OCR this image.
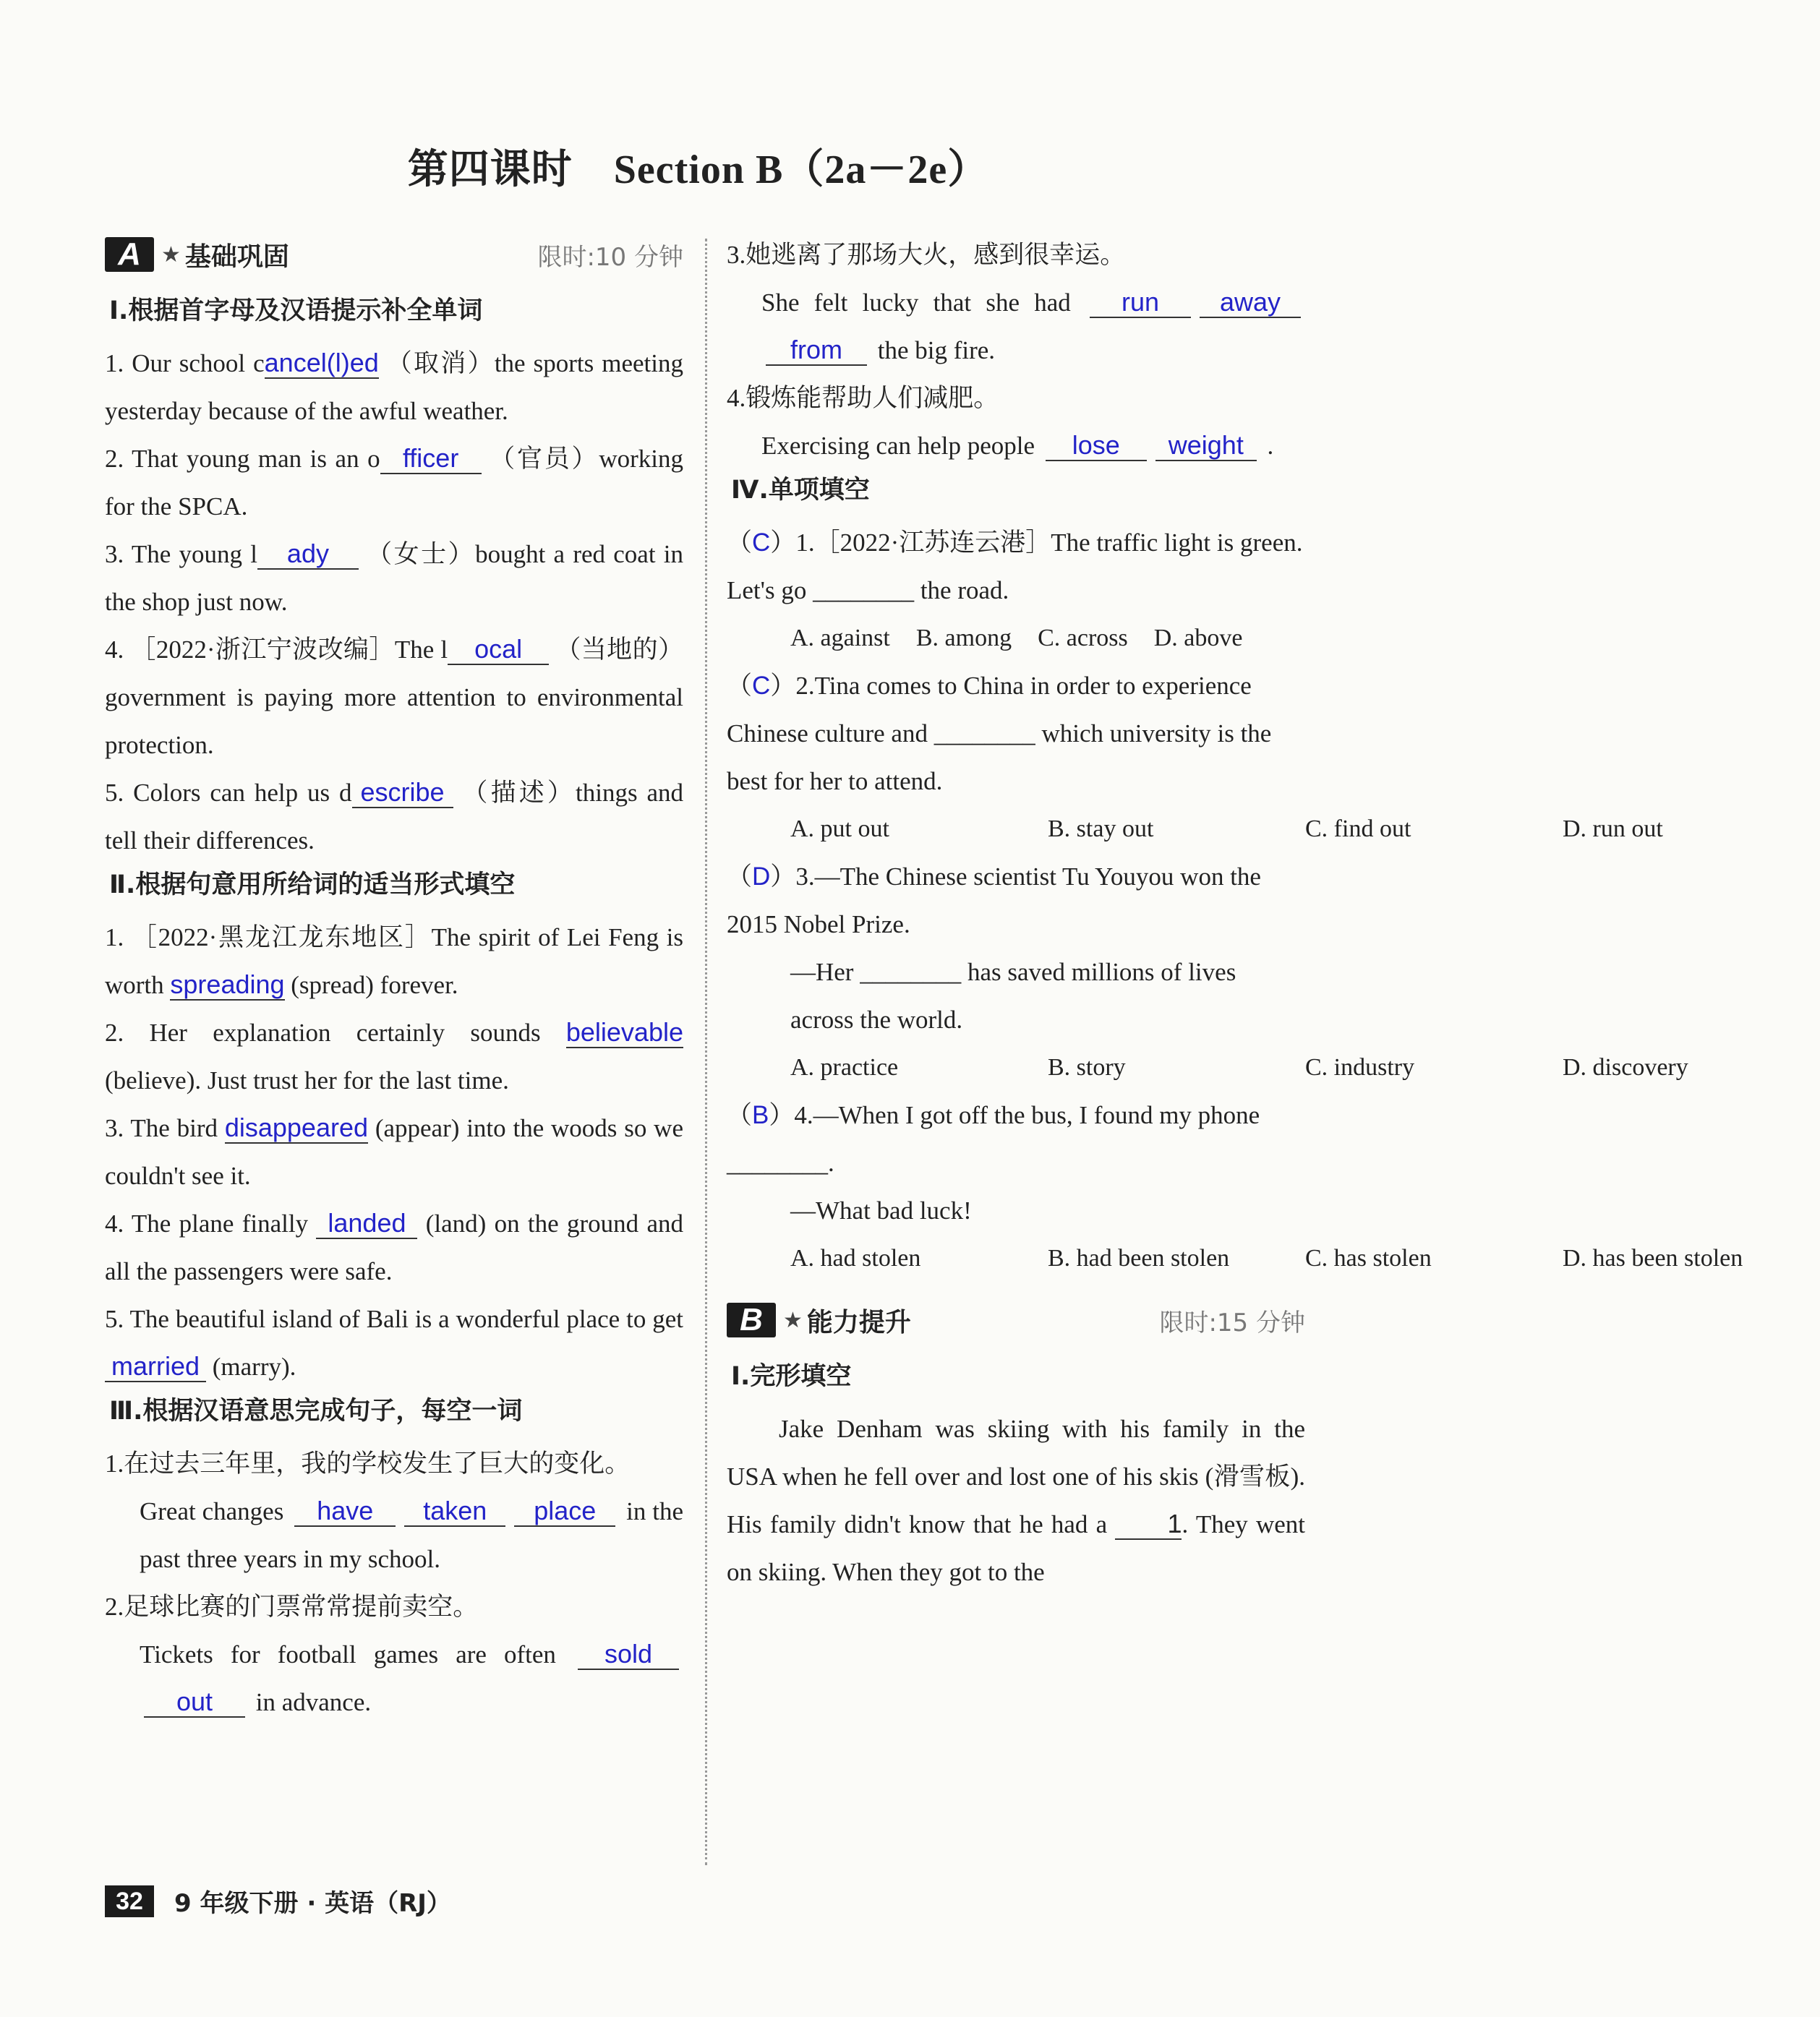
第四课时　Section B（2a－2e）
A ★ 基础巩固	限时:10 分钟
Ⅰ.根据首字母及汉语提示补全单词
1. Our school cancel(l)ed （取消）the sports meeting yesterday because of the awful weather.
2. That young man is an o fficer （官员）working for the SPCA.
3. The young l ady （女士）bought a red coat in the shop just now.
4. ［2022·浙江宁波改编］The l ocal （当地的）government is paying more attention to environmental protection.
5. Colors can help us d escribe （描述）things and tell their differences.
Ⅱ.根据句意用所给词的适当形式填空
1. ［2022·黑龙江龙东地区］The spirit of Lei Feng is worth spreading (spread) forever.
2. Her explanation certainly sounds believable (believe). Just trust her for the last time.
3. The bird disappeared (appear) into the woods so we couldn't see it.
4. The plane finally landed (land) on the ground and all the passengers were safe.
5. The beautiful island of Bali is a wonderful place to get married (marry).
Ⅲ.根据汉语意思完成句子，每空一词
1.在过去三年里，我的学校发生了巨大的变化。
Great changes have taken place in the past three years in my school.
2.足球比赛的门票常常提前卖空。
Tickets for football games are often soldout in advance.
3.她逃离了那场大火，感到很幸运。
She felt lucky that she had run awayfrom the big fire.
4.锻炼能帮助人们减肥。
Exercising can help people lose weight .
Ⅳ.单项填空
（C）1.［2022·江苏连云港］The traffic light is green. Let's go ________ the road.
A. against B. among C. across D. above
（C）2.Tina comes to China in order to experience Chinese culture and ________ which university is the best for her to attend.
A. put out	B. stay out	C. find out	D. run out
（D）3.—The Chinese scientist Tu Youyou won the 2015 Nobel Prize.
—Her ________ has saved millions of lives across the world.
A. practice	B. story	C. industry	D. discovery
（B）4.—When I got off the bus, I found my phone ________.
—What bad luck!
A. had stolen	B. had been stolen	C. has stolen	D. has been stolen
B ★ 能力提升	限时:15 分钟
Ⅰ.完形填空
Jake Denham was skiing with his family in the USA when he fell over and lost one of his skis (滑雪板). His family didn't know that he had a 1. They went on skiing. When they got to the
32	9 年级下册 · 英语（RJ）
